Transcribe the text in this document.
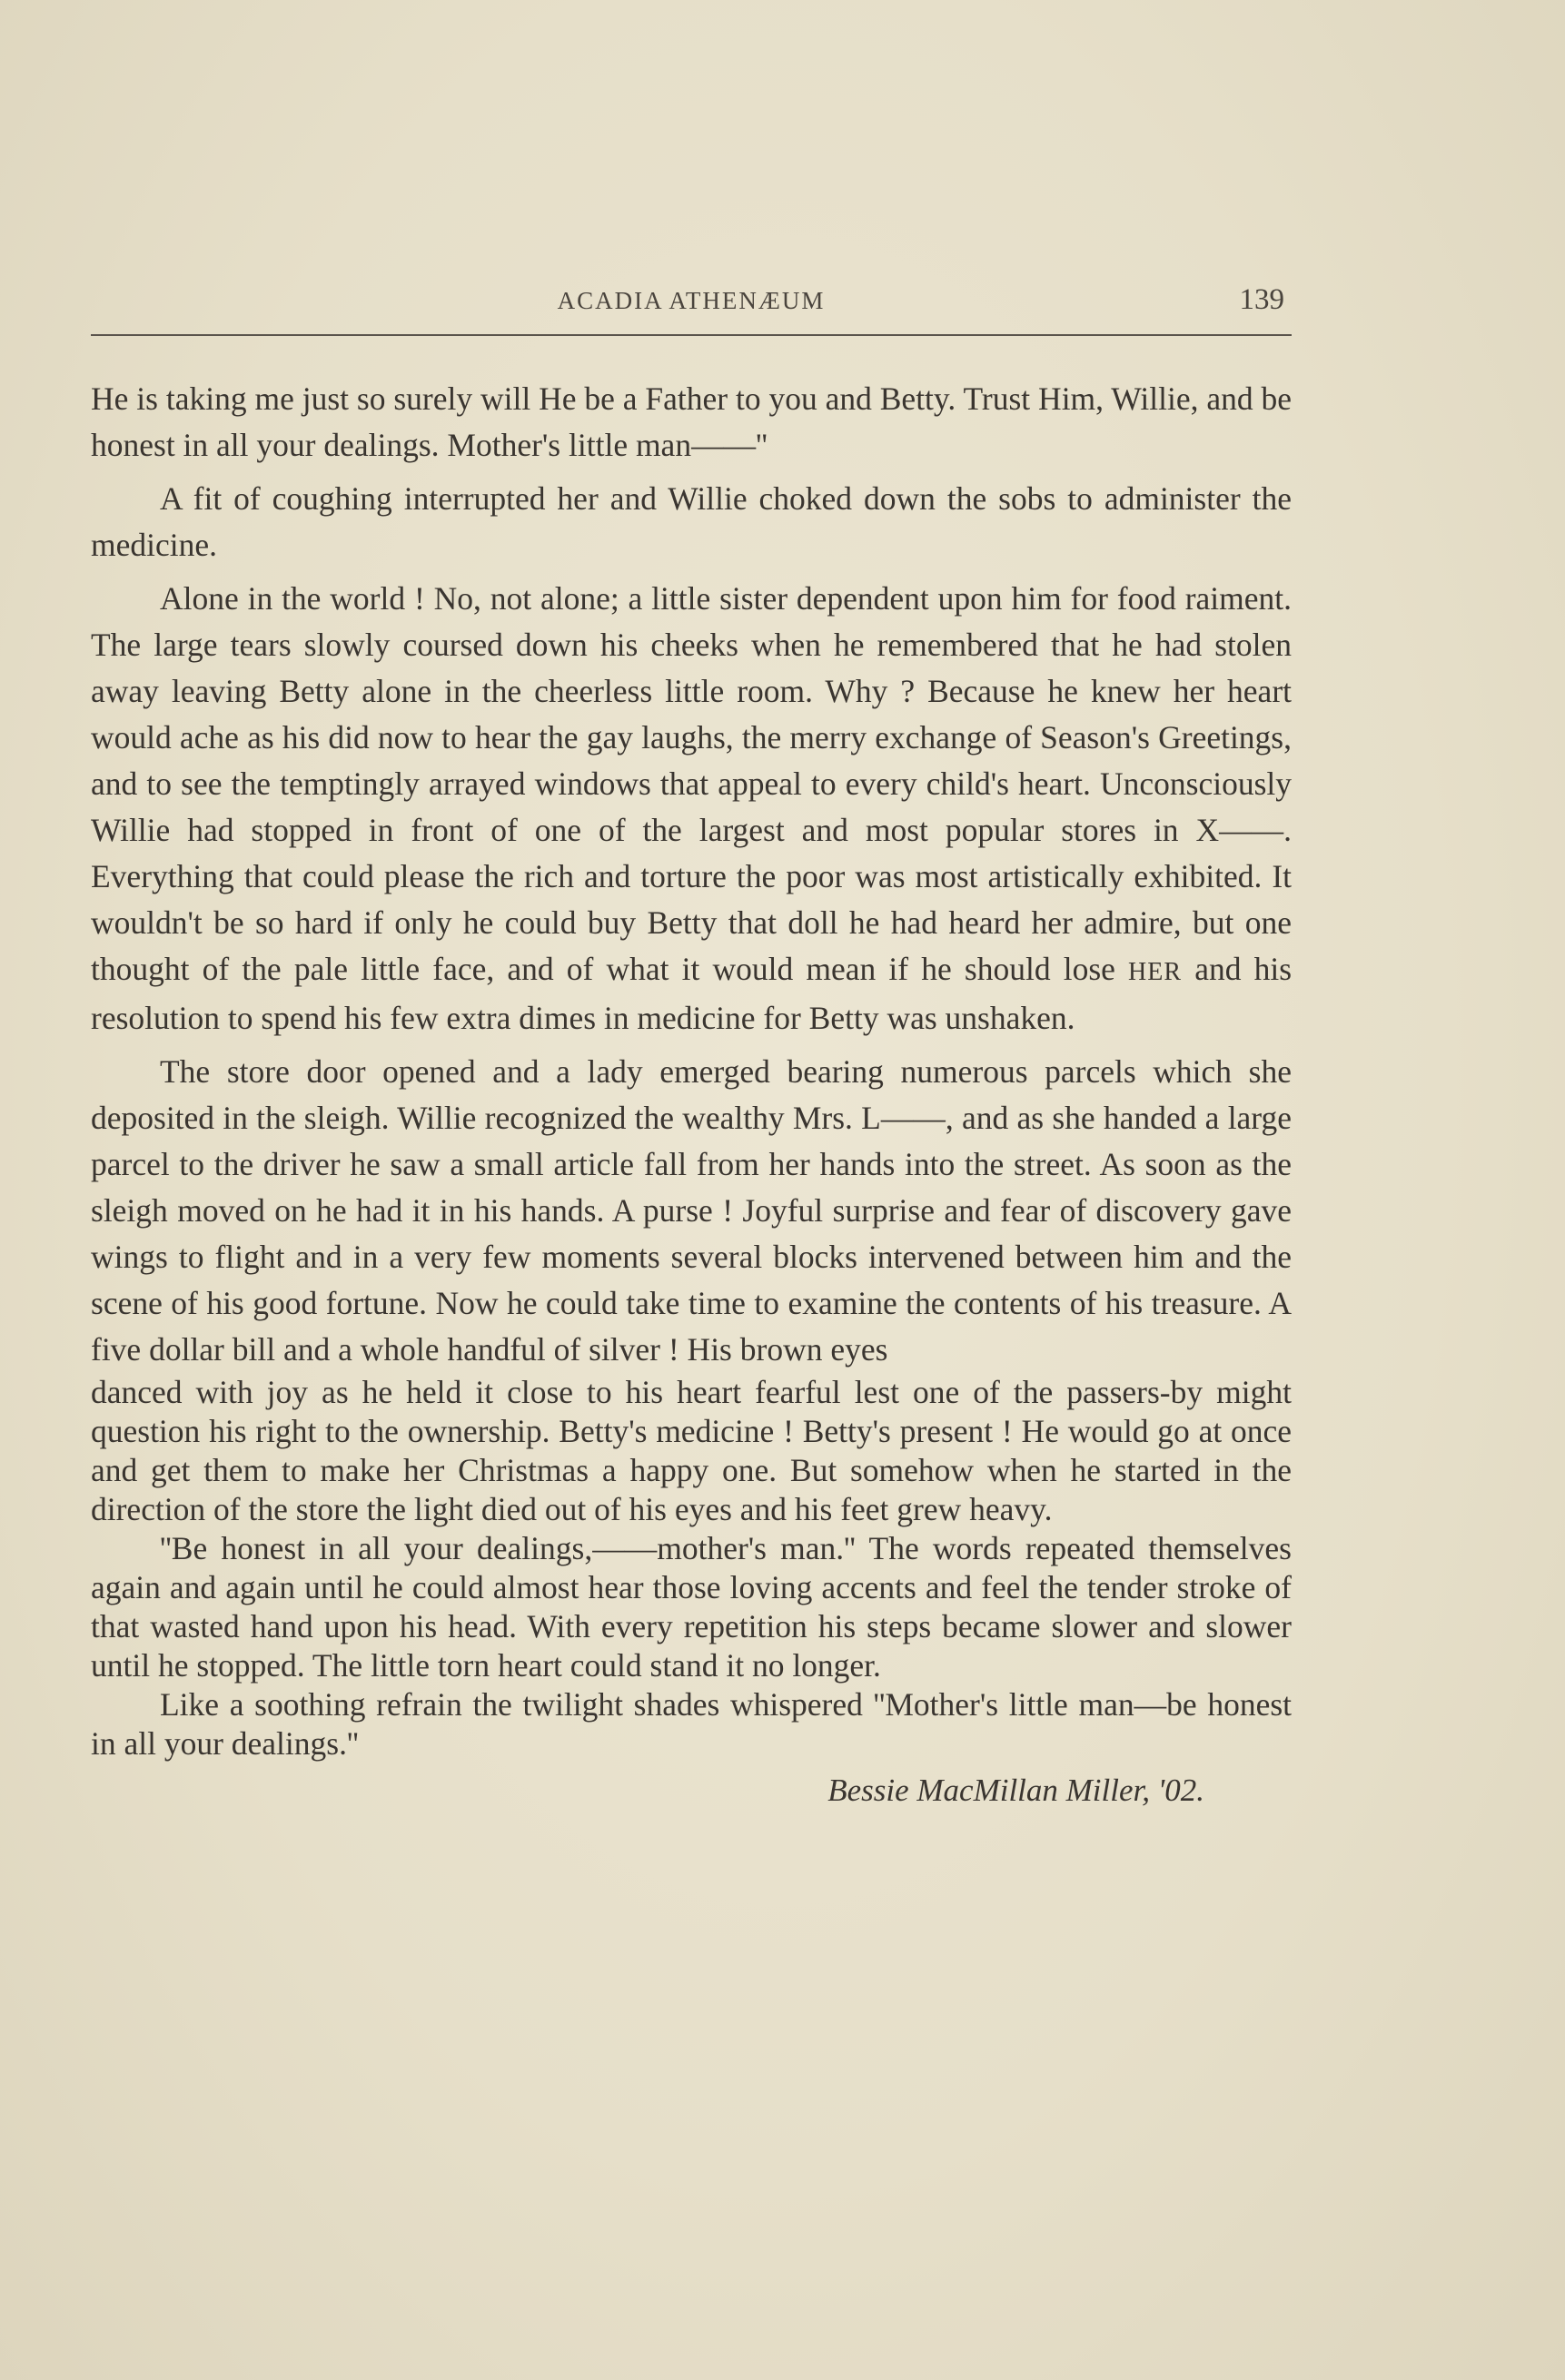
ACADIA ATHENÆUM	139

He is taking me just so surely will He be a Father to you and Betty. Trust Him, Willie, and be honest in all your dealings. Mother's little man——''

A fit of coughing interrupted her and Willie choked down the sobs to administer the medicine.

Alone in the world ! No, not alone; a little sister dependent upon him for food raiment. The large tears slowly coursed down his cheeks when he remembered that he had stolen away leaving Betty alone in the cheerless little room. Why ? Because he knew her heart would ache as his did now to hear the gay laughs, the merry exchange of Season's Greetings, and to see the temptingly arrayed windows that appeal to every child's heart. Unconsciously Willie had stopped in front of one of the largest and most popular stores in X——. Everything that could please the rich and torture the poor was most artistically exhibited. It wouldn't be so hard if only he could buy Betty that doll he had heard her admire, but one thought of the pale little face, and of what it would mean if he should lose HER and his resolution to spend his few extra dimes in medicine for Betty was unshaken.

The store door opened and a lady emerged bearing numerous parcels which she deposited in the sleigh. Willie recognized the wealthy Mrs. L——, and as she handed a large parcel to the driver he saw a small article fall from her hands into the street. As soon as the sleigh moved on he had it in his hands. A purse ! Joyful surprise and fear of discovery gave wings to flight and in a very few moments several blocks intervened between him and the scene of his good fortune. Now he could take time to examine the contents of his treasure. A five dollar bill and a whole handful of silver ! His brown eyes

danced with joy as he held it close to his heart fearful lest one of the passers-by might question his right to the ownership. Betty's medicine ! Betty's present ! He would go at once and get them to make her Christmas a happy one. But somehow when he started in the direction of the store the light died out of his eyes and his feet grew heavy.

''Be honest in all your dealings,——mother's man.'' The words repeated themselves again and again until he could almost hear those loving accents and feel the tender stroke of that wasted hand upon his head. With every repetition his steps became slower and slower until he stopped. The little torn heart could stand it no longer.

Like a soothing refrain the twilight shades whispered ''Mother's little man—be honest in all your dealings.''

Bessie MacMillan Miller, '02.
